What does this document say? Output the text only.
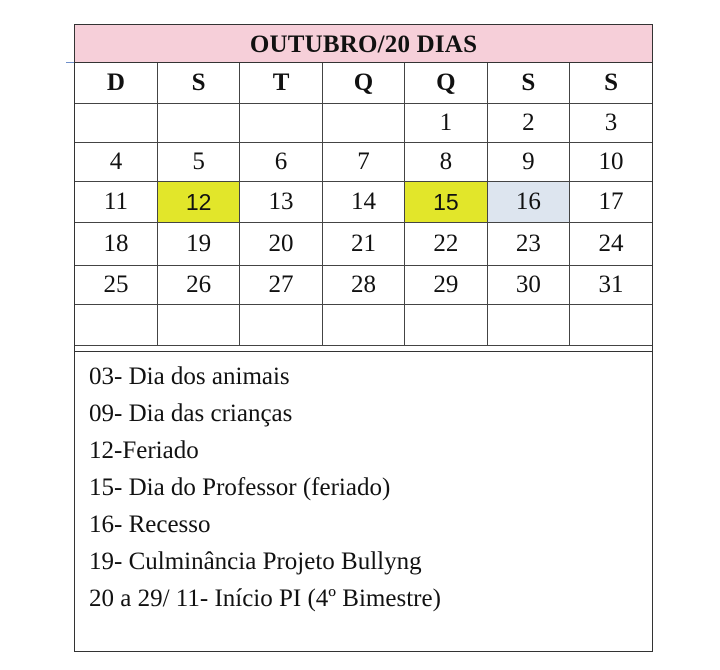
OUTUBRO/20 DIAS
D	S	T	Q	Q	S	S
				1	2	3
4	5	6	7	8	9	10
11	12	13	14	15	16	17
18	19	20	21	22	23	24
25	26	27	28	29	30	31

03- Dia dos animais
09- Dia das crianças
12-Feriado
15- Dia do Professor (feriado)
16- Recesso
19- Culminância Projeto Bullyng
20 a 29/ 11- Início PI (4º Bimestre)
